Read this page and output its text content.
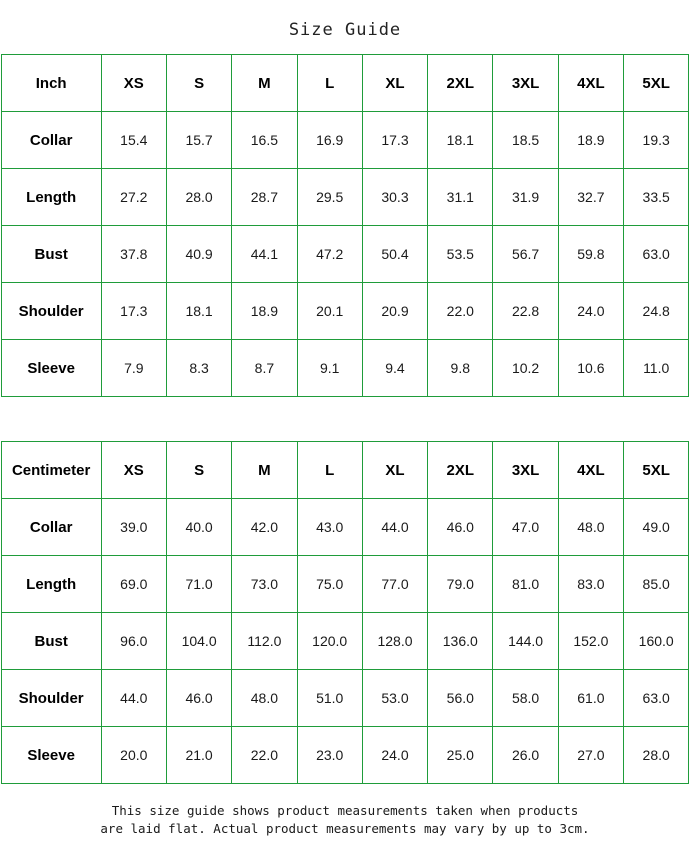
Size Guide
Inch	XS	S	M	L	XL	2XL	3XL	4XL	5XL
Collar	15.4	15.7	16.5	16.9	17.3	18.1	18.5	18.9	19.3
Length	27.2	28.0	28.7	29.5	30.3	31.1	31.9	32.7	33.5
Bust	37.8	40.9	44.1	47.2	50.4	53.5	56.7	59.8	63.0
Shoulder	17.3	18.1	18.9	20.1	20.9	22.0	22.8	24.0	24.8
Sleeve	7.9	8.3	8.7	9.1	9.4	9.8	10.2	10.6	11.0
Centimeter	XS	S	M	L	XL	2XL	3XL	4XL	5XL
Collar	39.0	40.0	42.0	43.0	44.0	46.0	47.0	48.0	49.0
Length	69.0	71.0	73.0	75.0	77.0	79.0	81.0	83.0	85.0
Bust	96.0	104.0	112.0	120.0	128.0	136.0	144.0	152.0	160.0
Shoulder	44.0	46.0	48.0	51.0	53.0	56.0	58.0	61.0	63.0
Sleeve	20.0	21.0	22.0	23.0	24.0	25.0	26.0	27.0	28.0
This size guide shows product measurements taken when products
are laid flat. Actual product measurements may vary by up to 3cm.
